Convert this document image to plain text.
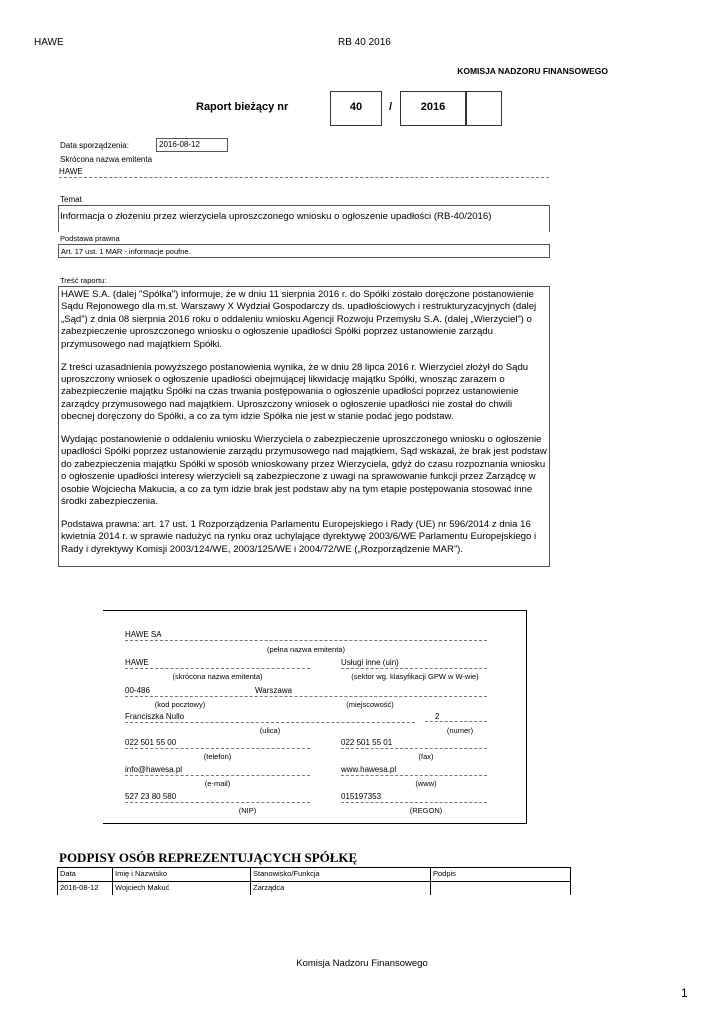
HAWE	RB 40 2016
KOMISJA NADZORU FINANSOWEGO
Raport bieżący nr	40	/	2016
Data sporządzenia:	2016-08-12
Skrócona nazwa emitenta
HAWE
Temat
Informacja o złożeniu przez wierzyciela uproszczonego wniosku o ogłoszenie upadłości (RB-40/2016)
Podstawa prawna
Art. 17 ust. 1 MAR - informacje poufne.
Treść raportu:

HAWE S.A. (dalej "Spółka") informuje, że w dniu 11 sierpnia 2016 r. do Spółki zostało doręczone postanowienie Sądu Rejonowego dla m.st. Warszawy X Wydział Gospodarczy ds. upadłościowych i restrukturyzacyjnych (dalej „Sąd”) z dnia 08 sierpnia 2016 roku o oddaleniu wniosku Agencji Rozwoju Przemysłu S.A. (dalej „Wierzyciel”) o zabezpieczenie uproszczonego wniosku o ogłoszenie upadłości Spółki poprzez ustanowienie zarządu przymusowego nad majątkiem Spółki.

Z treści uzasadnienia powyższego postanowienia wynika, że w dniu 28 lipca 2016 r. Wierzyciel złożył do Sądu uproszczony wniosek o ogłoszenie upadłości obejmującej likwidację majątku Spółki, wnosząc zarazem o zabezpieczenie majątku Spółki na czas trwania postępowania o ogłoszenie upadłości poprzez ustanowienie zarządcy przymusowego nad majątkiem. Uproszczony wniosek o ogłoszenie upadłości nie został do chwili obecnej doręczony do Spółki, a co za tym idzie Spółka nie jest w stanie podać jego podstaw.

Wydając postanowienie o oddaleniu wniosku Wierzyciela o zabezpieczenie uproszczonego wniosku o ogłoszenie upadłości Spółki poprzez ustanowienie zarządu przymusowego nad majątkiem, Sąd wskazał, że brak jest podstaw do zabezpieczenia majątku Spółki w sposób wnioskowany przez Wierzyciela, gdyż do czasu rozpoznania wniosku o ogłoszenie upadłości interesy wierzycieli są zabezpieczone z uwagi na sprawowanie funkcji przez Zarządcę w osobie Wojciecha Makucia, a co za tym idzie brak jest podstaw aby na tym etapie postępowania stosować inne środki zabezpieczenia.

Podstawa prawna: art. 17 ust. 1 Rozporządzenia Parlamentu Europejskiego i Rady (UE) nr 596/2014 z dnia 16 kwietnia 2014 r. w sprawie nadużyć na rynku oraz uchylające dyrektywę 2003/6/WE Parlamentu Europejskiego i Rady i dyrektywy Komisji 2003/124/WE, 2003/125/WE i 2004/72/WE („Rozporządzenie MAR”).

HAWE SA
(pełna nazwa emitenta)
HAWE
(skrócona nazwa emitenta)
Usługi inne (uin)
(sektor wg. klasyfikacji GPW w W-wie)
00-486	Warszawa
(kod pocztowy)	(miejscowość)
Franciszka Nullo	2
(ulica)	(numer)
022 501 55 00	022 501 55 01
(telefon)	(fax)
info@hawesa.pl	www.hawesa.pl
(e-mail)	(www)
527 23 80 580	015197353
(NIP)	(REGON)
PODPISY OSÓB REPREZENTUJĄCYCH SPÓŁKĘ
Data	Imię i Nazwisko	Stanowisko/Funkcja	Podpis
2016-08-12	Wojciech Makuć	Zarządca	
Komisja Nadzoru Finansowego
1
